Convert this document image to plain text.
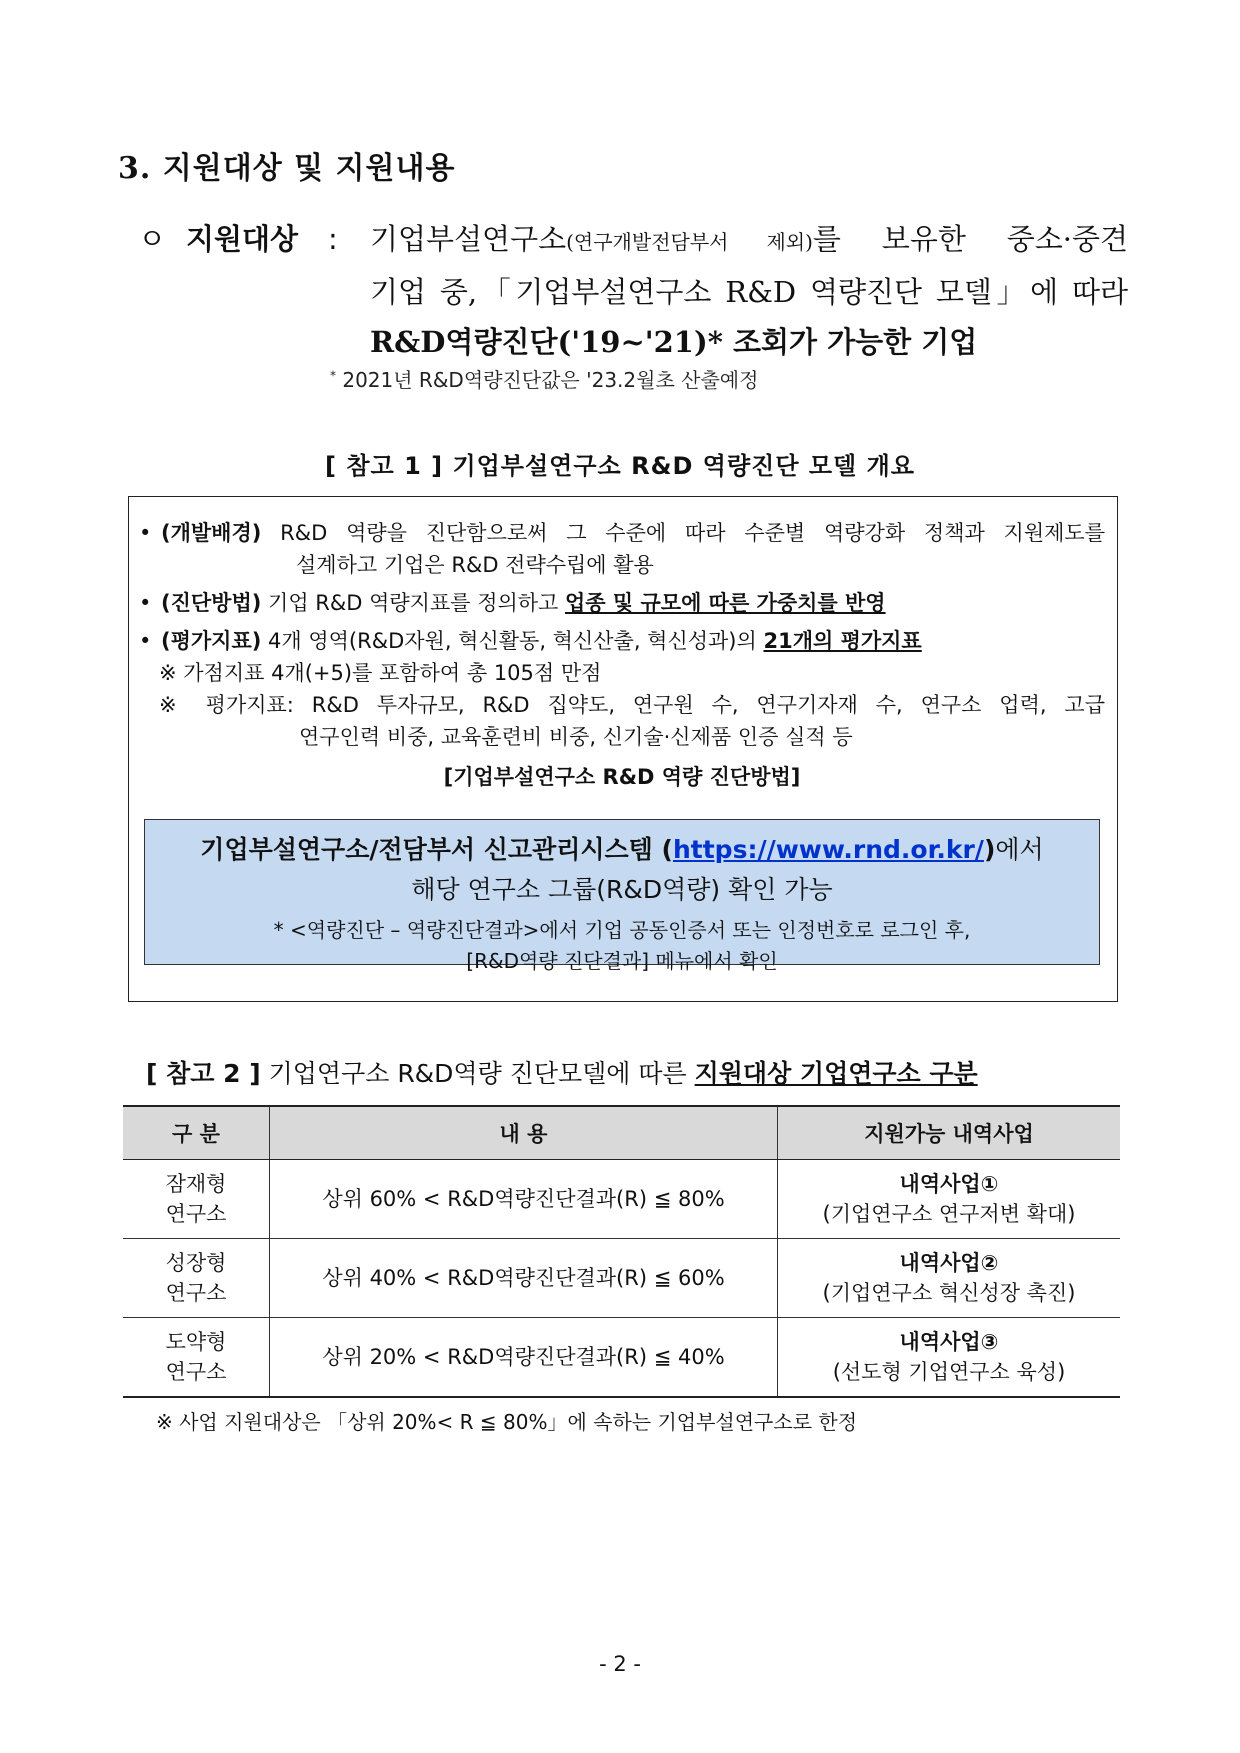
3. 지원대상 및 지원내용
ㅇ 지원대상	:	기업부설연구소(연구개발전담부서 제외)를 보유한 중소·중견
기업 중,「기업부설연구소 R&D 역량진단 모델」에 따라
R&D역량진단('19~'21)* 조회가 가능한 기업
* 2021년 R&D역량진단값은 '23.2월초 산출예정
[ 참고 1 ] 기업부설연구소 R&D 역량진단 모델 개요
• (개발배경) R&D 역량을 진단함으로써 그 수준에 따라 수준별 역량강화 정책과 지원제도를
설계하고 기업은 R&D 전략수립에 활용
• (진단방법) 기업 R&D 역량지표를 정의하고 업종 및 규모에 따른 가중치를 반영
• (평가지표) 4개 영역(R&D자원, 혁신활동, 혁신산출, 혁신성과)의 21개의 평가지표
※ 가점지표 4개(+5)를 포함하여 총 105점 만점
※ 평가지표: R&D 투자규모, R&D 집약도, 연구원 수, 연구기자재 수, 연구소 업력, 고급
연구인력 비중, 교육훈련비 비중, 신기술·신제품 인증 실적 등
[기업부설연구소 R&D 역량 진단방법]
기업부설연구소/전담부서 신고관리시스템 (https://www.rnd.or.kr/)에서
해당 연구소 그룹(R&D역량) 확인 가능
* <역량진단 – 역량진단결과>에서 기업 공동인증서 또는 인정번호로 로그인 후,
[R&D역량 진단결과] 메뉴에서 확인
[ 참고 2 ] 기업연구소 R&D역량 진단모델에 따른 지원대상 기업연구소 구분
구 분	내 용	지원가능 내역사업
잠재형
연구소	상위 60% < R&D역량진단결과(R) ≦ 80%	내역사업①
(기업연구소 연구저변 확대)
성장형
연구소	상위 40% < R&D역량진단결과(R) ≦ 60%	내역사업②
(기업연구소 혁신성장 촉진)
도약형
연구소	상위 20% < R&D역량진단결과(R) ≦ 40%	내역사업③
(선도형 기업연구소 육성)
※ 사업 지원대상은 「상위 20%< R ≦ 80%」에 속하는 기업부설연구소로 한정
- 2 -
